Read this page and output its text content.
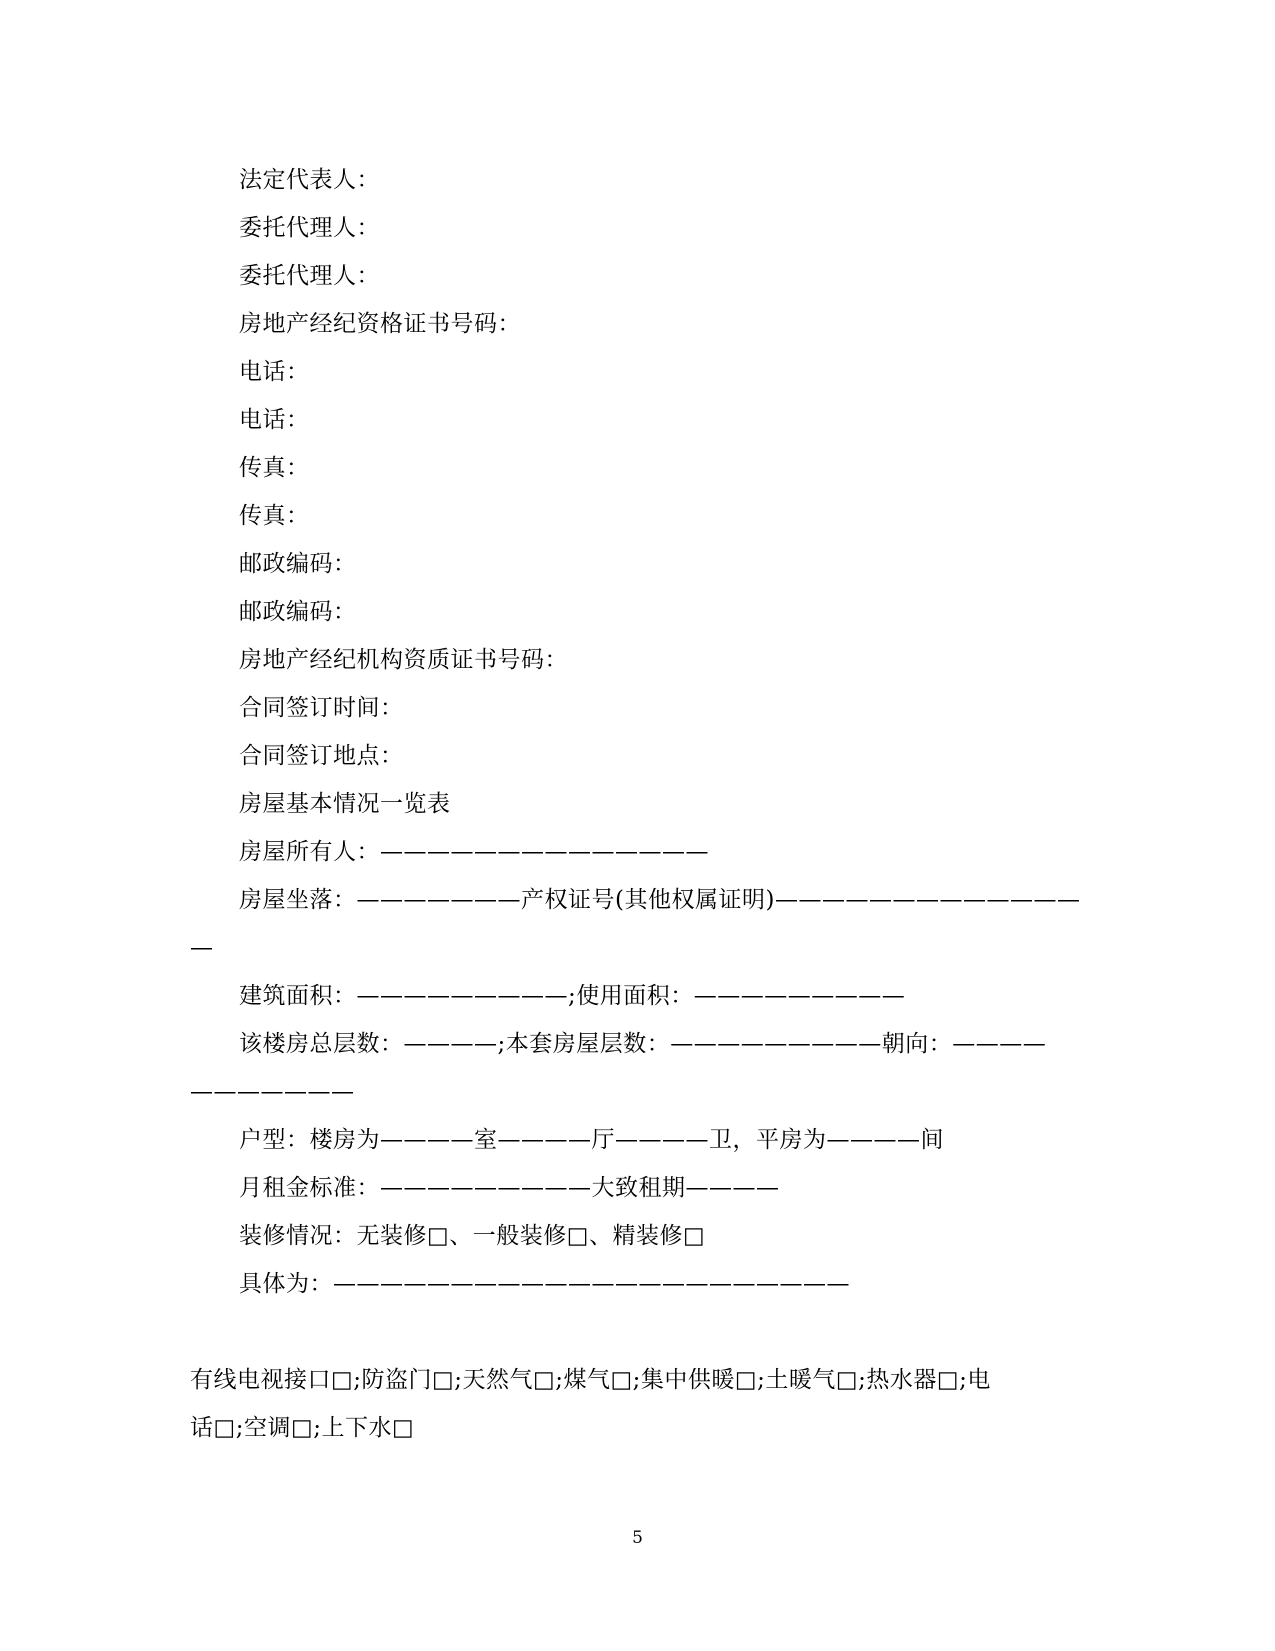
法定代表人：
委托代理人：
委托代理人：
房地产经纪资格证书号码：
电话：
电话：
传真：
传真：
邮政编码：
邮政编码：
房地产经纪机构资质证书号码：
合同签订时间：
合同签订地点：
房屋基本情况一览表
房屋所有人：——————————————
房屋坐落：———————产权证号(其他权属证明)—————————————
—
建筑面积：—————————;使用面积：—————————
该楼房总层数：————;本套房屋层数：—————————朝向：————
———————
户型：楼房为————室————厅————卫，平房为————间
月租金标准：—————————大致租期————
装修情况：无装修□、一般装修□、精装修□
具体为：——————————————————————
有线电视接口□;防盗门□;天然气□;煤气□;集中供暖□;土暖气□;热水器□;电
话□;空调□;上下水□
5
